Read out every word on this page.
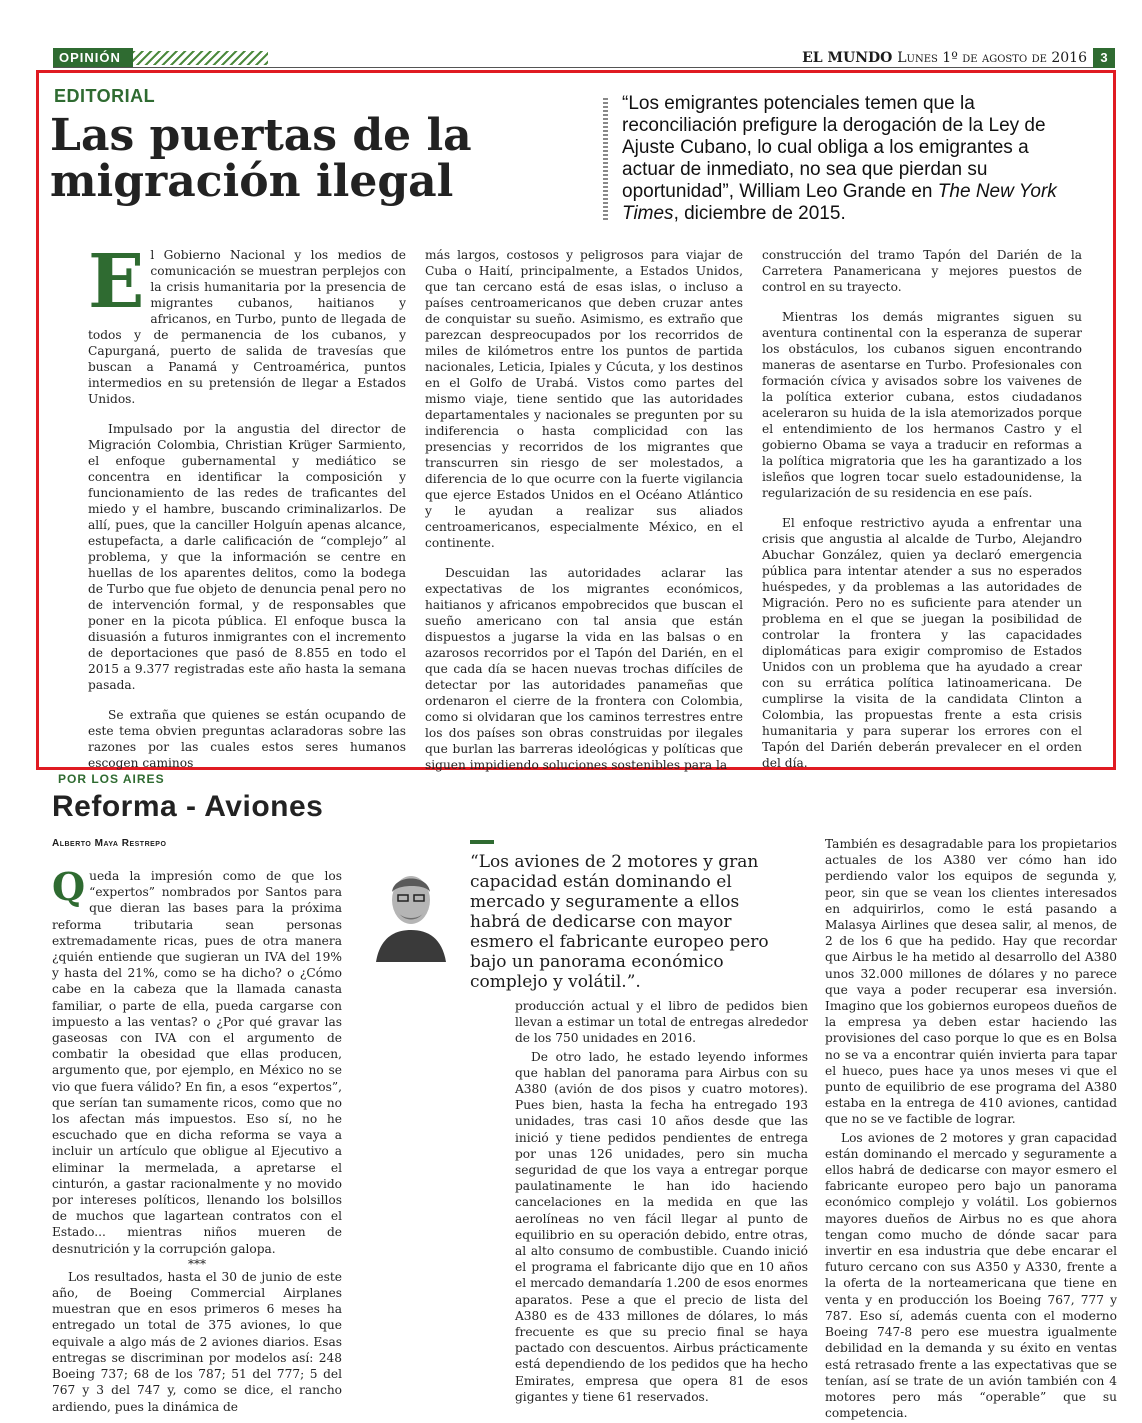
OPINIÓN	EL MUNDO Lunes 1º de agosto de 2016	3
EDITORIAL
Las puertas de la
migración ilegal
“Los emigrantes potenciales temen que la reconciliación prefigure la derogación de la Ley de Ajuste Cubano, lo cual obliga a los emigrantes a actuar de inmediato, no sea que pierdan su oportunidad”, William Leo Grande en The New York Times, diciembre de 2015.

El Gobierno Nacional y los medios de comunicación se muestran perplejos con la crisis humanitaria por la presencia de migrantes cubanos, haitianos y africanos, en Turbo, punto de llegada de todos y de permanencia de los cubanos, y Capurganá, puerto de salida de travesías que buscan a Panamá y Centroamérica, puntos intermedios en su pretensión de llegar a Estados Unidos.

Impulsado por la angustia del director de Migración Colombia, Christian Krüger Sarmiento, el enfoque gubernamental y mediático se concentra en identificar la composición y funcionamiento de las redes de traficantes del miedo y el hambre, buscando criminalizarlos. De allí, pues, que la canciller Holguín apenas alcance, estupefacta, a darle calificación de “complejo” al problema, y que la información se centre en huellas de los aparentes delitos, como la bodega de Turbo que fue objeto de denuncia penal pero no de intervención formal, y de responsables que poner en la picota pública. El enfoque busca la disuasión a futuros inmigrantes con el incremento de deportaciones que pasó de 8.855 en todo el 2015 a 9.377 registradas este año hasta la semana pasada.

Se extraña que quienes se están ocupando de este tema obvien preguntas aclaradoras sobre las razones por las cuales estos seres humanos escogen caminos

más largos, costosos y peligrosos para viajar de Cuba o Haití, principalmente, a Estados Unidos, que tan cercano está de esas islas, o incluso a países centroamericanos que deben cruzar antes de conquistar su sueño. Asimismo, es extraño que parezcan despreocupados por los recorridos de miles de kilómetros entre los puntos de partida nacionales, Leticia, Ipiales y Cúcuta, y los destinos en el Golfo de Urabá. Vistos como partes del mismo viaje, tiene sentido que las autoridades departamentales y nacionales se pregunten por su indiferencia o hasta complicidad con las presencias y recorridos de los migrantes que transcurren sin riesgo de ser molestados, a diferencia de lo que ocurre con la fuerte vigilancia que ejerce Estados Unidos en el Océano Atlántico y le ayudan a realizar sus aliados centroamericanos, especialmente México, en el continente.

Descuidan las autoridades aclarar las expectativas de los migrantes económicos, haitianos y africanos empobrecidos que buscan el sueño americano con tal ansia que están dispuestos a jugarse la vida en las balsas o en azarosos recorridos por el Tapón del Darién, en el que cada día se hacen nuevas trochas difíciles de detectar por las autoridades panameñas que ordenaron el cierre de la frontera con Colombia, como si olvidaran que los caminos terrestres entre los dos países son obras construidas por ilegales que burlan las barreras ideológicas y políticas que siguen impidiendo soluciones sostenibles para la

construcción del tramo Tapón del Darién de la Carretera Panamericana y mejores puestos de control en su trayecto.

Mientras los demás migrantes siguen su aventura continental con la esperanza de superar los obstáculos, los cubanos siguen encontrando maneras de asentarse en Turbo. Profesionales con formación cívica y avisados sobre los vaivenes de la política exterior cubana, estos ciudadanos aceleraron su huida de la isla atemorizados porque el entendimiento de los hermanos Castro y el gobierno Obama se vaya a traducir en reformas a la política migratoria que les ha garantizado a los isleños que logren tocar suelo estadounidense, la regularización de su residencia en ese país.

El enfoque restrictivo ayuda a enfrentar una crisis que angustia al alcalde de Turbo, Alejandro Abuchar González, quien ya declaró emergencia pública para intentar atender a sus no esperados huéspedes, y da problemas a las autoridades de Migración. Pero no es suficiente para atender un problema en el que se juegan la posibilidad de controlar la frontera y las capacidades diplomáticas para exigir compromiso de Estados Unidos con un problema que ha ayudado a crear con su errática política latinoamericana. De cumplirse la visita de la candidata Clinton a Colombia, las propuestas frente a esta crisis humanitaria y para superar los errores con el Tapón del Darién deberán prevalecer en el orden del día.

POR LOS AIRES
Reforma - Aviones
Alberto Maya Restrepo
“Los aviones de 2 motores y gran capacidad están dominando el mercado y seguramente a ellos habrá de dedicarse con mayor esmero el fabricante europeo pero bajo un panorama económico complejo y volátil.”.

Queda la impresión como de que los “expertos” nombrados por Santos para que dieran las bases para la próxima reforma tributaria sean personas extremadamente ricas, pues de otra manera ¿quién entiende que sugieran un IVA del 19% y hasta del 21%, como se ha dicho? o ¿Cómo cabe en la cabeza que la llamada canasta familiar, o parte de ella, pueda cargarse con impuesto a las ventas? o ¿Por qué gravar las gaseosas con IVA con el argumento de combatir la obesidad que ellas producen, argumento que, por ejemplo, en México no se vio que fuera válido? En fin, a esos “expertos”, que serían tan sumamente ricos, como que no los afectan más impuestos. Eso sí, no he escuchado que en dicha reforma se vaya a incluir un artículo que obligue al Ejecutivo a eliminar la mermelada, a apretarse el cinturón, a gastar racionalmente y no movido por intereses políticos, llenando los bolsillos de muchos que lagartean contratos con el Estado... mientras niños mueren de desnutrición y la corrupción galopa.

***

Los resultados, hasta el 30 de junio de este año, de Boeing Commercial Airplanes muestran que en esos primeros 6 meses ha entregado un total de 375 aviones, lo que equivale a algo más de 2 aviones diarios. Esas entregas se discriminan por modelos así: 248 Boeing 737; 68 de los 787; 51 del 777; 5 del 767 y 3 del 747 y, como se dice, el rancho ardiendo, pues la dinámica de

producción actual y el libro de pedidos bien llevan a estimar un total de entregas alrededor de los 750 unidades en 2016.

De otro lado, he estado leyendo informes que hablan del panorama para Airbus con su A380 (avión de dos pisos y cuatro motores). Pues bien, hasta la fecha ha entregado 193 unidades, tras casi 10 años desde que las inició y tiene pedidos pendientes de entrega por unas 126 unidades, pero sin mucha seguridad de que los vaya a entregar porque paulatinamente le han ido haciendo cancelaciones en la medida en que las aerolíneas no ven fácil llegar al punto de equilibrio en su operación debido, entre otras, al alto consumo de combustible. Cuando inició el programa el fabricante dijo que en 10 años el mercado demandaría 1.200 de esos enormes aparatos. Pese a que el precio de lista del A380 es de 433 millones de dólares, lo más frecuente es que su precio final se haya pactado con descuentos. Airbus prácticamente está dependiendo de los pedidos que ha hecho Emirates, empresa que opera 81 de esos gigantes y tiene 61 reservados.

También es desagradable para los propietarios actuales de los A380 ver cómo han ido perdiendo valor los equipos de segunda y, peor, sin que se vean los clientes interesados en adquirirlos, como le está pasando a Malasya Airlines que desea salir, al menos, de 2 de los 6 que ha pedido. Hay que recordar que Airbus le ha metido al desarrollo del A380 unos 32.000 millones de dólares y no parece que vaya a poder recuperar esa inversión. Imagino que los gobiernos europeos dueños de la empresa ya deben estar haciendo las provisiones del caso porque lo que es en Bolsa no se va a encontrar quién invierta para tapar el hueco, pues hace ya unos meses vi que el punto de equilibrio de ese programa del A380 estaba en la entrega de 410 aviones, cantidad que no se ve factible de lograr.

Los aviones de 2 motores y gran capacidad están dominando el mercado y seguramente a ellos habrá de dedicarse con mayor esmero el fabricante europeo pero bajo un panorama económico complejo y volátil. Los gobiernos mayores dueños de Airbus no es que ahora tengan como mucho de dónde sacar para invertir en esa industria que debe encarar el futuro cercano con sus A350 y A330, frente a la oferta de la norteamericana que tiene en venta y en producción los Boeing 767, 777 y 787. Eso sí, además cuenta con el moderno Boeing 747-8 pero ese muestra igualmente debilidad en la demanda y su éxito en ventas está retrasado frente a las expectativas que se tenían, así se trate de un avión también con 4 motores pero más “operable” que su competencia.
